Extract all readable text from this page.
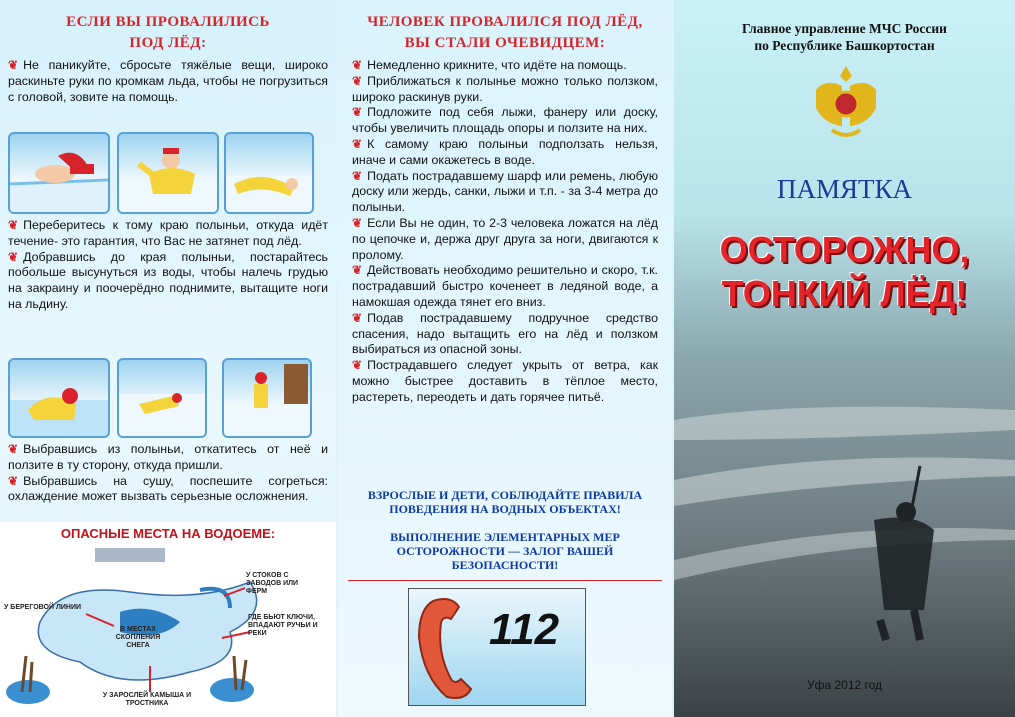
ЕСЛИ ВЫ ПРОВАЛИЛИСЬ
ПОД ЛЁД:

❦ Не паникуйте, сбросьте тяжёлые вещи, широко раскиньте руки по кромкам льда, чтобы не погрузиться с головой, зовите на помощь.

❦ Переберитесь к тому краю полыньи, откуда идёт течение- это гарантия, что Вас не затянет под лёд.

❦ Добравшись до края полыньи, постарайтесь побольше высунуться из воды, чтобы налечь грудью на закраину и поочерёдно поднимите, вытащите ноги на льдину.

❦ Выбравшись из полыньи, откатитесь от неё и ползите в ту сторону, откуда пришли.

❦ Выбравшись на сушу, поспешите согреться: охлаждение может вызвать серьезные осложнения.

ОПАСНЫЕ МЕСТА НА ВОДОЕМЕ:
У СТОКОВ С ЗАВОДОВ ИЛИ ФЕРМ
У БЕРЕГОВОЙ ЛИНИИ
В МЕСТАХ СКОПЛЕНИЯ СНЕГА
ГДЕ БЬЮТ КЛЮЧИ, ВПАДАЮТ РУЧЬИ И РЕКИ
У ЗАРОСЛЕЙ КАМЫША И ТРОСТНИКА
ЧЕЛОВЕК ПРОВАЛИЛСЯ ПОД ЛЁД,
ВЫ СТАЛИ ОЧЕВИДЦЕМ:

❦ Немедленно крикните, что идёте на помощь.

❦ Приближаться к полынье можно только ползком, широко раскинув руки.

❦ Подложите под себя лыжи, фанеру или доску, чтобы увеличить площадь опоры и ползите на них.

❦ К самому краю полыньи подползать нельзя, иначе и сами окажетесь в воде.

❦ Подать пострадавшему шарф или ремень, любую доску или жердь, санки, лыжи и т.п. - за 3-4 метра до полыньи.

❦ Если Вы не один, то 2-3 человека ложатся на лёд по цепочке и, держа друг друга за ноги, двигаются к пролому.

❦ Действовать необходимо решительно и скоро, т.к. пострадавший быстро коченеет в ледяной воде, а намокшая одежда тянет его вниз.

❦ Подав пострадавшему подручное средство спасения, надо вытащить его на лёд и ползком выбираться из опасной зоны.

❦ Пострадавшего следует укрыть от ветра, как можно быстрее доставить в тёплое место, растереть, переодеть и дать горячее питьё.

ВЗРОСЛЫЕ И ДЕТИ, СОБЛЮДАЙТЕ ПРАВИЛА ПОВЕДЕНИЯ НА ВОДНЫХ ОБЪЕКТАХ!
ВЫПОЛНЕНИЕ ЭЛЕМЕНТАРНЫХ МЕР ОСТОРОЖНОСТИ — ЗАЛОГ ВАШЕЙ БЕЗОПАСНОСТИ!
112
Главное управление МЧС России
по Республике Башкортостан
ПАМЯТКА
ОСТОРОЖНО,
ТОНКИЙ ЛЁД!
Уфа 2012 год
